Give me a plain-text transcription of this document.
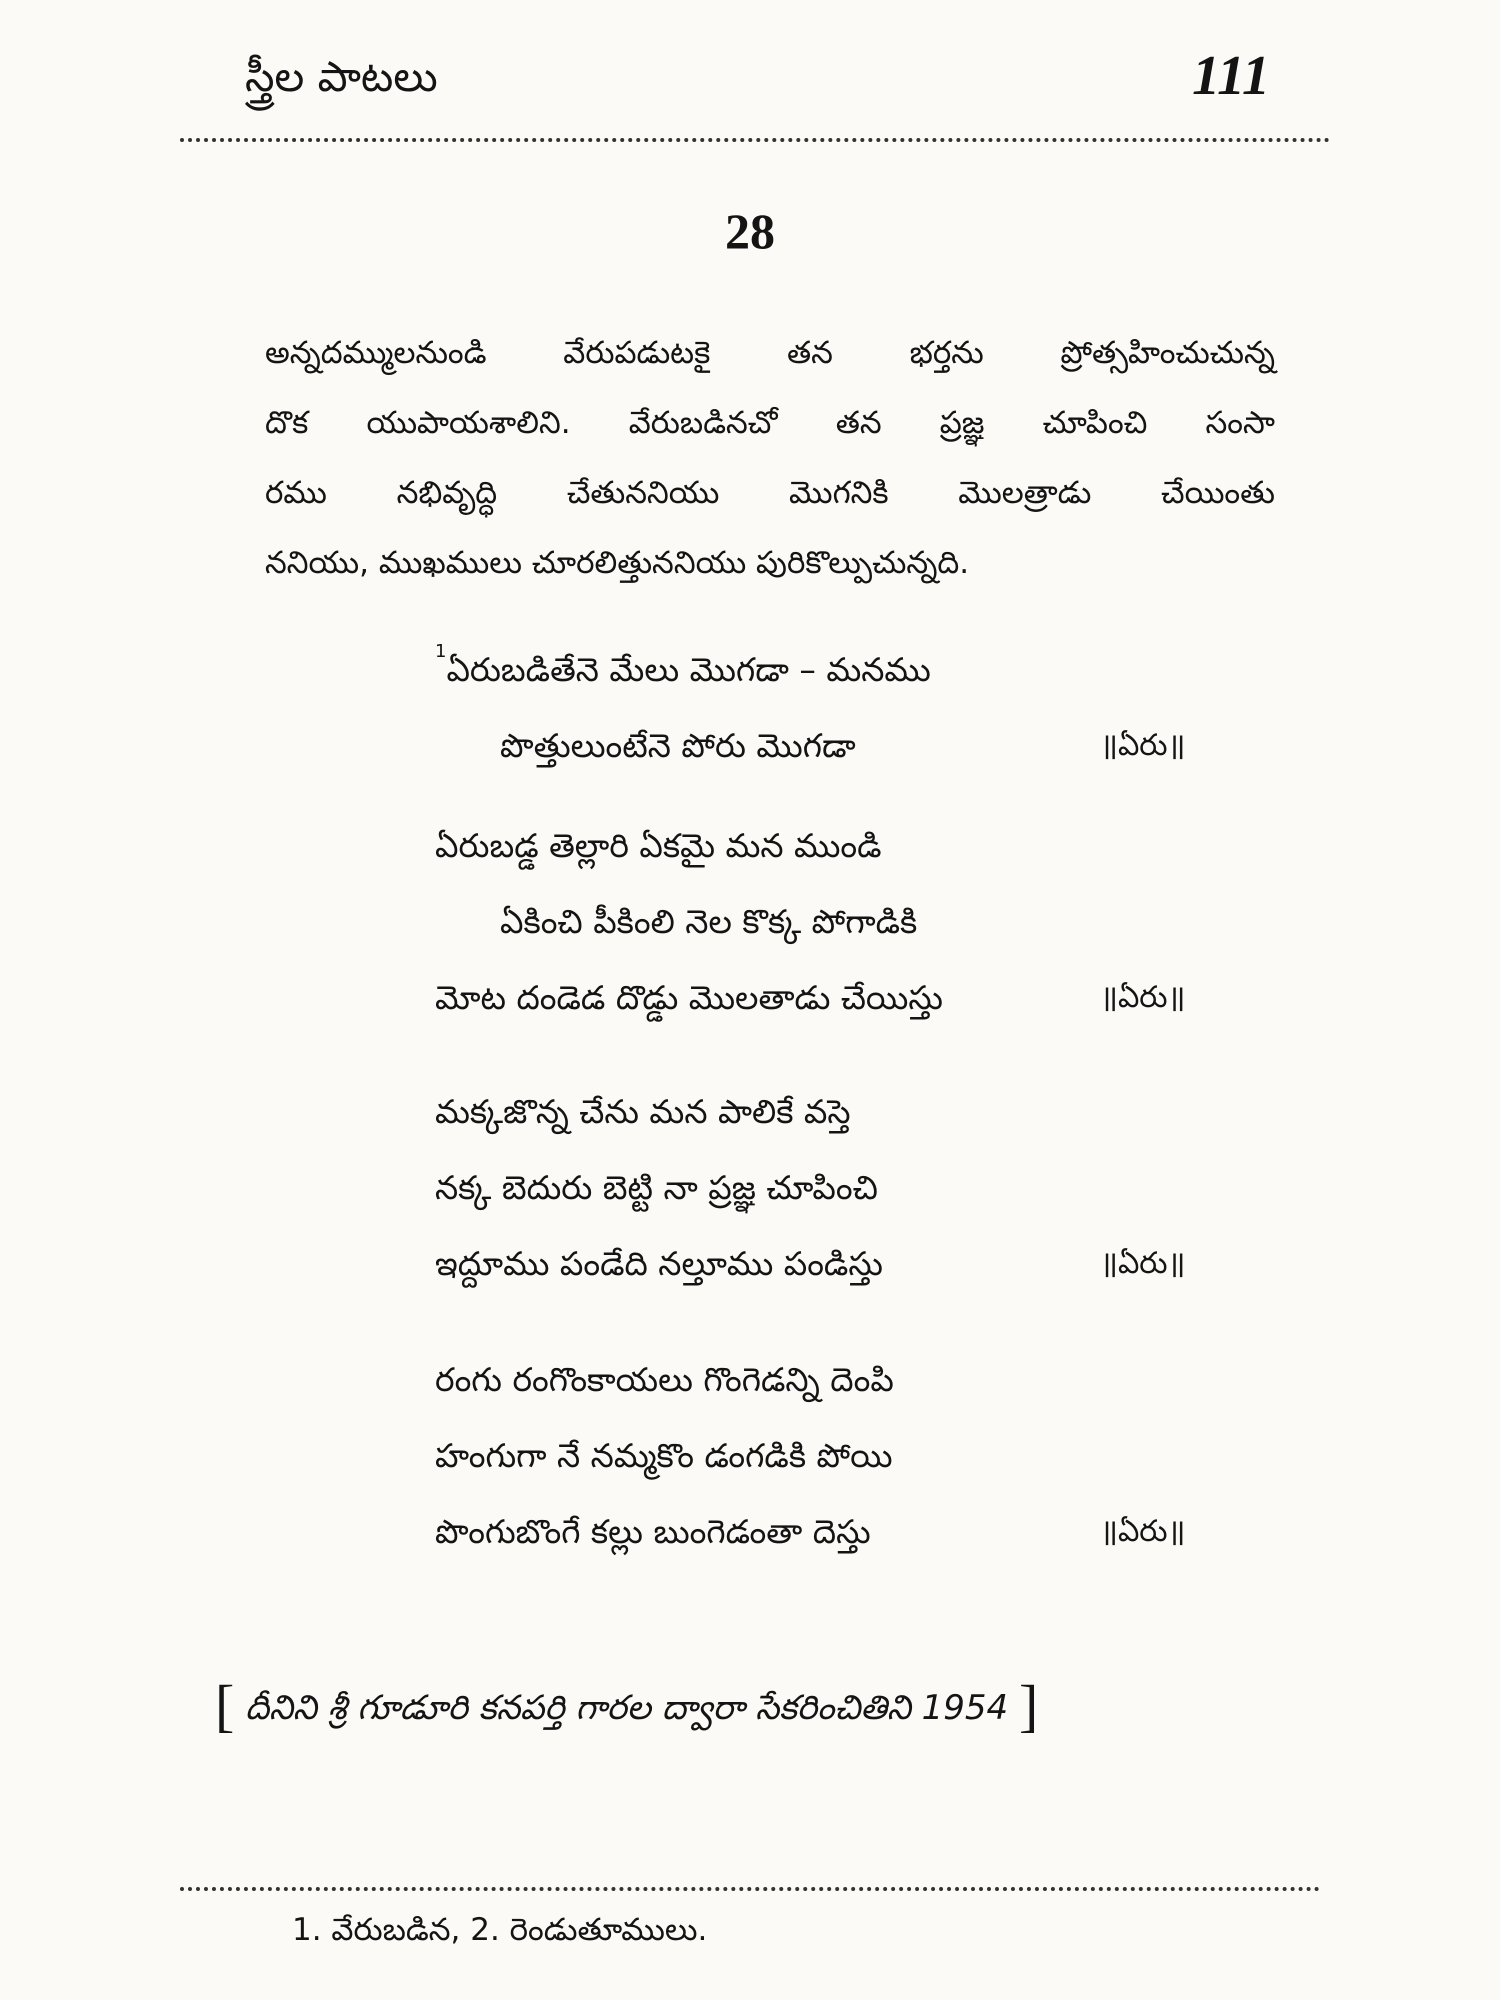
స్త్రీల పాటలు	111
28
అన్నదమ్ములనుండి వేరుపడుటకై తన భర్తను ప్రోత్సహించుచున్న
దొక యుపాయశాలిని. వేరుబడినచో తన ప్రజ్ఞ చూపించి సంసా
రము నభివృద్ధి చేతుననియు మొగనికి మొలత్రాడు చేయింతు
ననియు, ముఖములు చూరలిత్తుననియు పురికొల్పుచున్నది.
$^1$ఏరుబడితేనె మేలు మొగడా – మనము
పొత్తులుంటేనె పోరు మొగడా	॥ఏరు॥
ఏరుబడ్డ తెల్లారి ఏకమై మన ముండి
ఏకించి పీకింలి నెల కొక్క పోగాడికి
మోట దండెడ దొడ్డు మొలతాడు చేయిస్తు	॥ఏరు॥
మక్కజొన్న చేను మన పాలికే వస్తె
నక్క బెదురు బెట్టి నా ప్రజ్ఞ చూపించి
ఇద్దూము పండేది నల్తూము పండిస్తు	॥ఏరు॥
రంగు రంగొంకాయలు గొంగెడన్ని దెంపి
హంగుగా నే నమ్మకొం డంగడికి పోయి
పొంగుబొంగే కల్లు బుంగెడంతా దెస్తు	॥ఏరు॥
[ దీనిని శ్రీ గూడూరి కనపర్తి గారల ద్వారా సేకరించితిని 1954 ]
1. వేరుబడిన, 2. రెండుతూములు.
